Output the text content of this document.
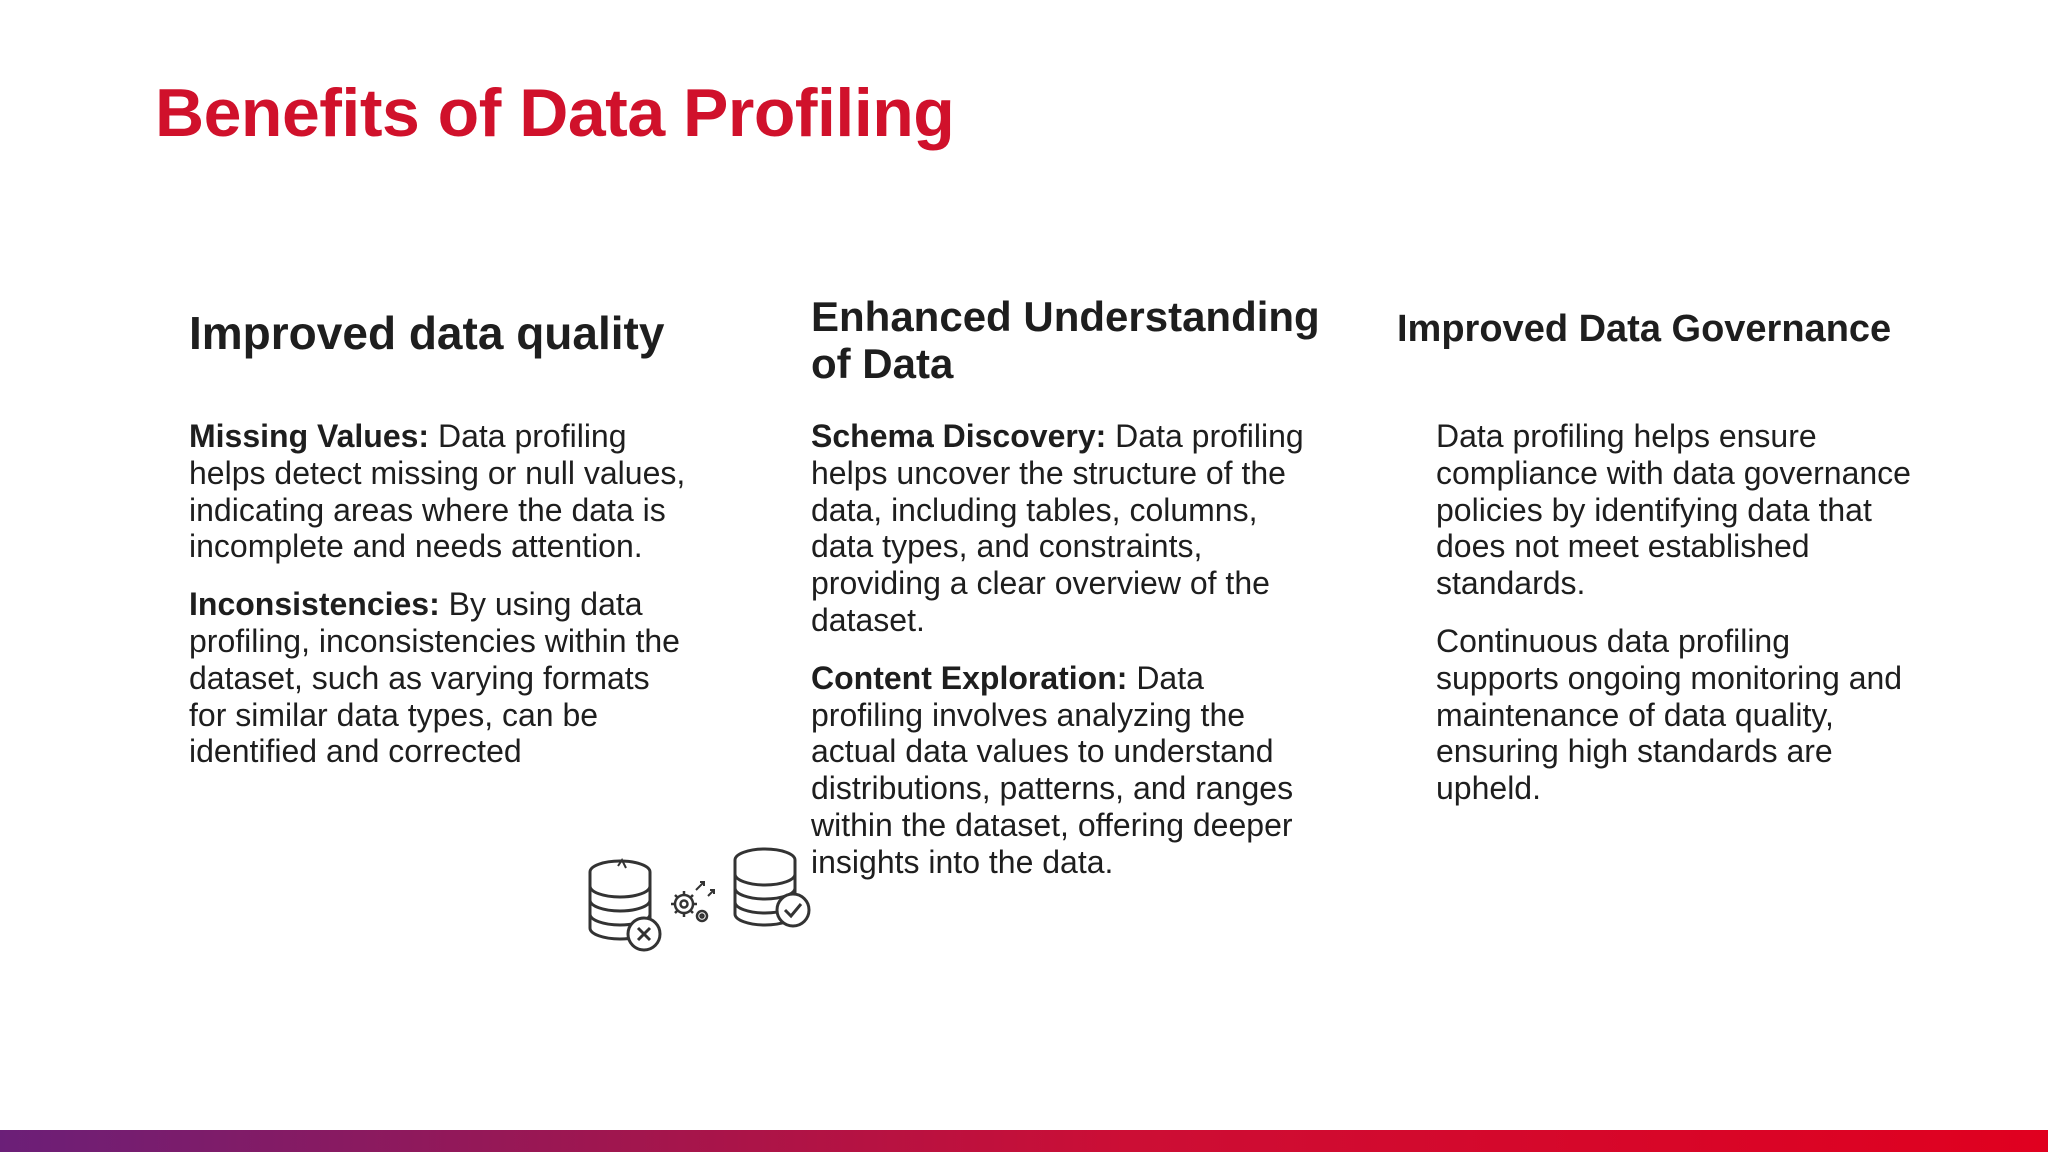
Benefits of Data Profiling
Improved data quality

Missing Values: Data profiling helps detect missing or null values, indicating areas where the data is incomplete and needs attention.

Inconsistencies: By using data profiling, inconsistencies within the dataset, such as varying formats for similar data types, can be identified and corrected

Enhanced Understanding of Data

Schema Discovery: Data profiling helps uncover the structure of the data, including tables, columns, data types, and constraints, providing a clear overview of the dataset.

Content Exploration: Data profiling involves analyzing the actual data values to understand distributions, patterns, and ranges within the dataset, offering deeper insights into the data.

Improved Data Governance

Data profiling helps ensure compliance with data governance policies by identifying data that does not meet established standards.

Continuous data profiling supports ongoing monitoring and maintenance of data quality, ensuring high standards are upheld.
